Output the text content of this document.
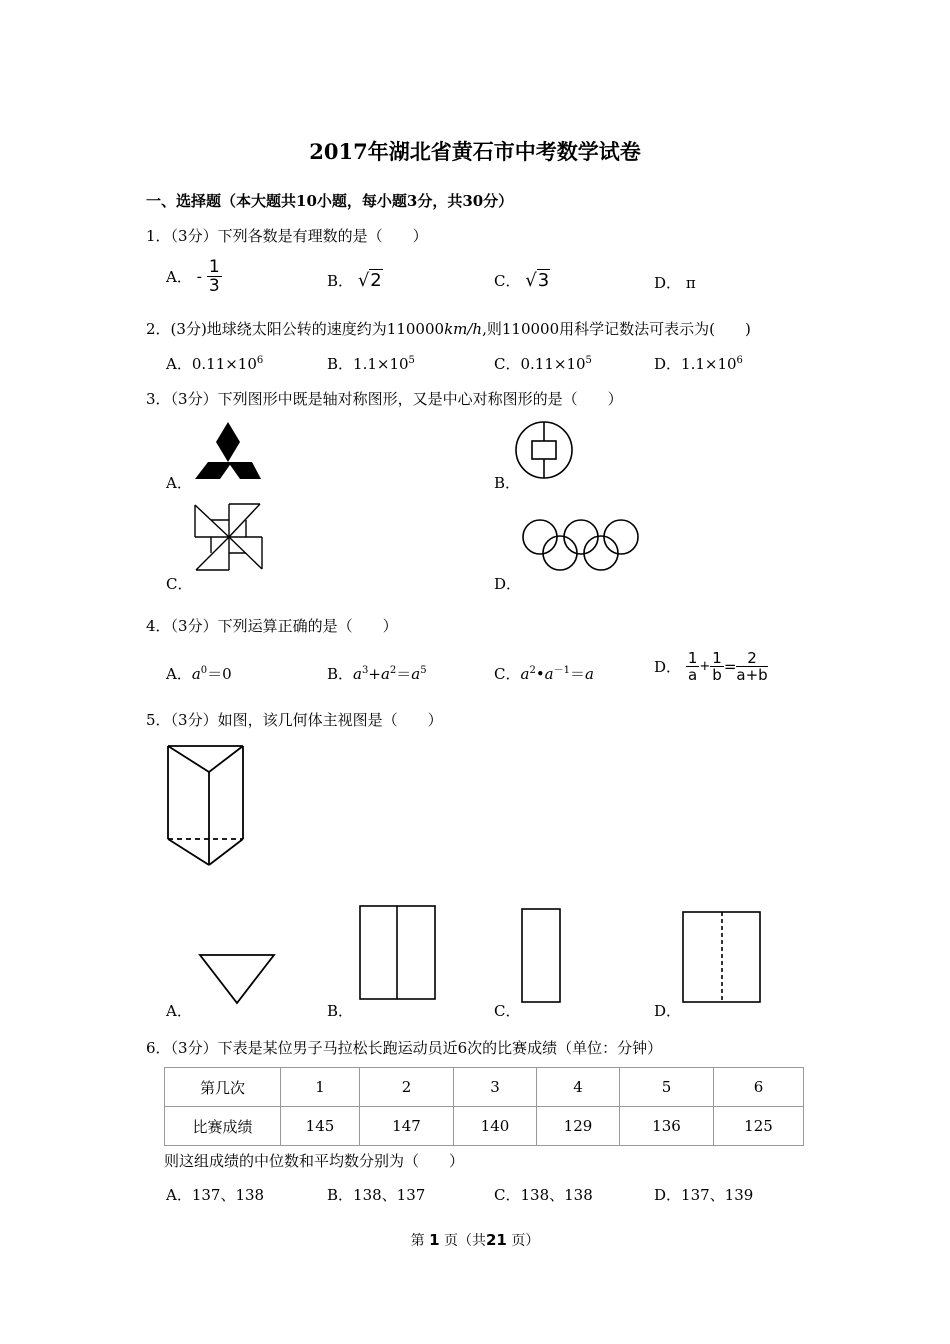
2017年湖北省黄石市中考数学试卷
一、选择题（本大题共10小题，每小题3分，共30分）
1．（3分）下列各数是有理数的是（　　）
A． - $\frac{1}{3}$	B． √2	C． √3	D． π
2．(3分)地球绕太阳公转的速度约为110000km/h,则110000用科学记数法可表示为(　　)
A．$0.11\times 10^6$	B．$1.1\times 10^5$	C．$0.11\times 10^5$	D．$1.1\times 10^6$
3．（3分）下列图形中既是轴对称图形，又是中心对称图形的是（　　）
A．	B．
C．	D．
4．（3分）下列运算正确的是（　　）
A．$a^0=0$	B．$a^3+a^2=a^5$	C．$a^2•a^{-1}=a$	D． $\frac{1}{a} + \frac{1}{b} = \frac{2}{a+b}$
5．（3分）如图，该几何体主视图是（　　）
A．	B．	C．	D．
6．（3分）下表是某位男子马拉松长跑运动员近6次的比赛成绩（单位：分钟）
第几次	1	2	3	4	5	6
比赛成绩	145	147	140	129	136	125
则这组成绩的中位数和平均数分别为（　　）
A．137、138	B．138、137	C．138、138	D．137、139
第 1 页（共21 页）
